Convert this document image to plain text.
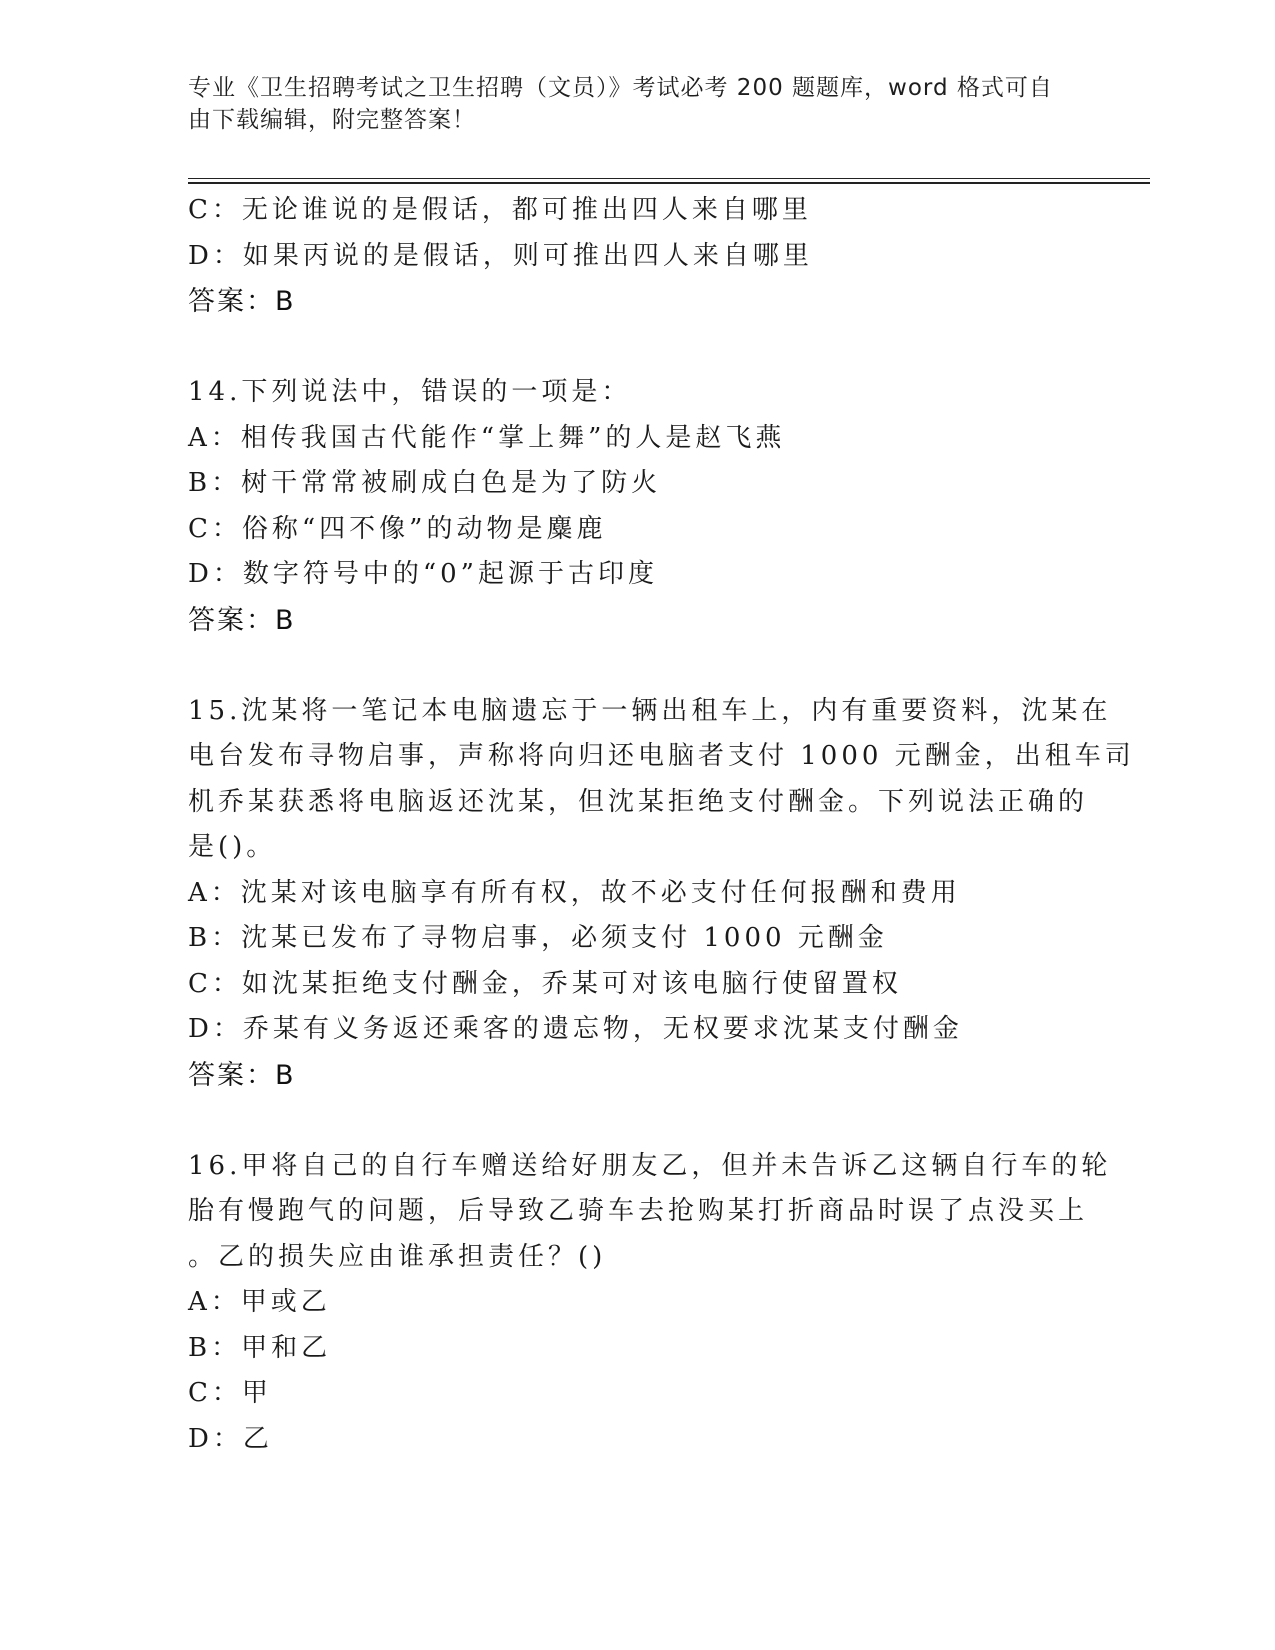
专业《卫生招聘考试之卫生招聘（文员）》考试必考 200 题题库，word 格式可自
由下载编辑，附完整答案！
C：无论谁说的是假话，都可推出四人来自哪里
D：如果丙说的是假话，则可推出四人来自哪里
答案：B
14.下列说法中，错误的一项是：
A：相传我国古代能作“掌上舞”的人是赵飞燕
B：树干常常被刷成白色是为了防火
C：俗称“四不像”的动物是麋鹿
D：数字符号中的“0”起源于古印度
答案：B
15.沈某将一笔记本电脑遗忘于一辆出租车上，内有重要资料，沈某在
电台发布寻物启事，声称将向归还电脑者支付 1000 元酬金，出租车司
机乔某获悉将电脑返还沈某，但沈某拒绝支付酬金。下列说法正确的
是()。
A：沈某对该电脑享有所有权，故不必支付任何报酬和费用
B：沈某已发布了寻物启事，必须支付 1000 元酬金
C：如沈某拒绝支付酬金，乔某可对该电脑行使留置权
D：乔某有义务返还乘客的遗忘物，无权要求沈某支付酬金
答案：B
16.甲将自己的自行车赠送给好朋友乙，但并未告诉乙这辆自行车的轮
胎有慢跑气的问题，后导致乙骑车去抢购某打折商品时误了点没买上
。乙的损失应由谁承担责任？()
A：甲或乙
B：甲和乙
C：甲
D：乙
